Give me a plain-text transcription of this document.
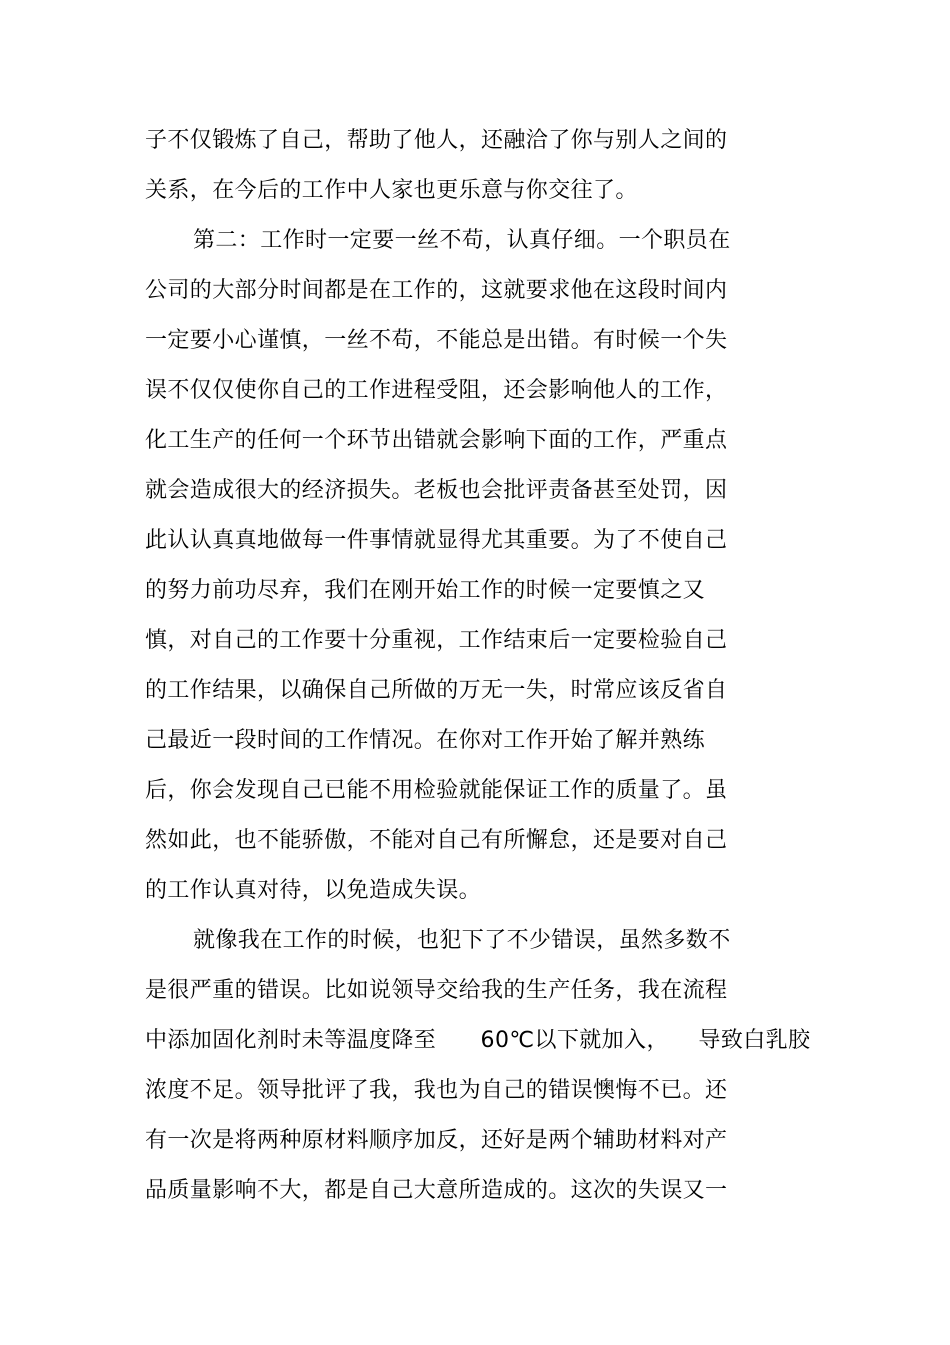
子不仅锻炼了自己，帮助了他人，还融洽了你与别人之间的
关系，在今后的工作中人家也更乐意与你交往了。
第二：工作时一定要一丝不苟，认真仔细。一个职员在
公司的大部分时间都是在工作的，这就要求他在这段时间内
一定要小心谨慎，一丝不苟，不能总是出错。有时候一个失
误不仅仅使你自己的工作进程受阻，还会影响他人的工作，
化工生产的任何一个环节出错就会影响下面的工作，严重点
就会造成很大的经济损失。老板也会批评责备甚至处罚，因
此认认真真地做每一件事情就显得尤其重要。为了不使自己
的努力前功尽弃，我们在刚开始工作的时候一定要慎之又
慎，对自己的工作要十分重视，工作结束后一定要检验自己
的工作结果，以确保自己所做的万无一失，时常应该反省自
己最近一段时间的工作情况。在你对工作开始了解并熟练
后，你会发现自己已能不用检验就能保证工作的质量了。虽
然如此，也不能骄傲，不能对自己有所懈怠，还是要对自己
的工作认真对待，以免造成失误。
就像我在工作的时候，也犯下了不少错误，虽然多数不
是很严重的错误。比如说领导交给我的生产任务，我在流程
中添加固化剂时未等温度降至      60℃以下就加入，    导致白乳胶
浓度不足。领导批评了我，我也为自己的错误懊悔不已。还
有一次是将两种原材料顺序加反，还好是两个辅助材料对产
品质量影响不大，都是自己大意所造成的。这次的失误又一
